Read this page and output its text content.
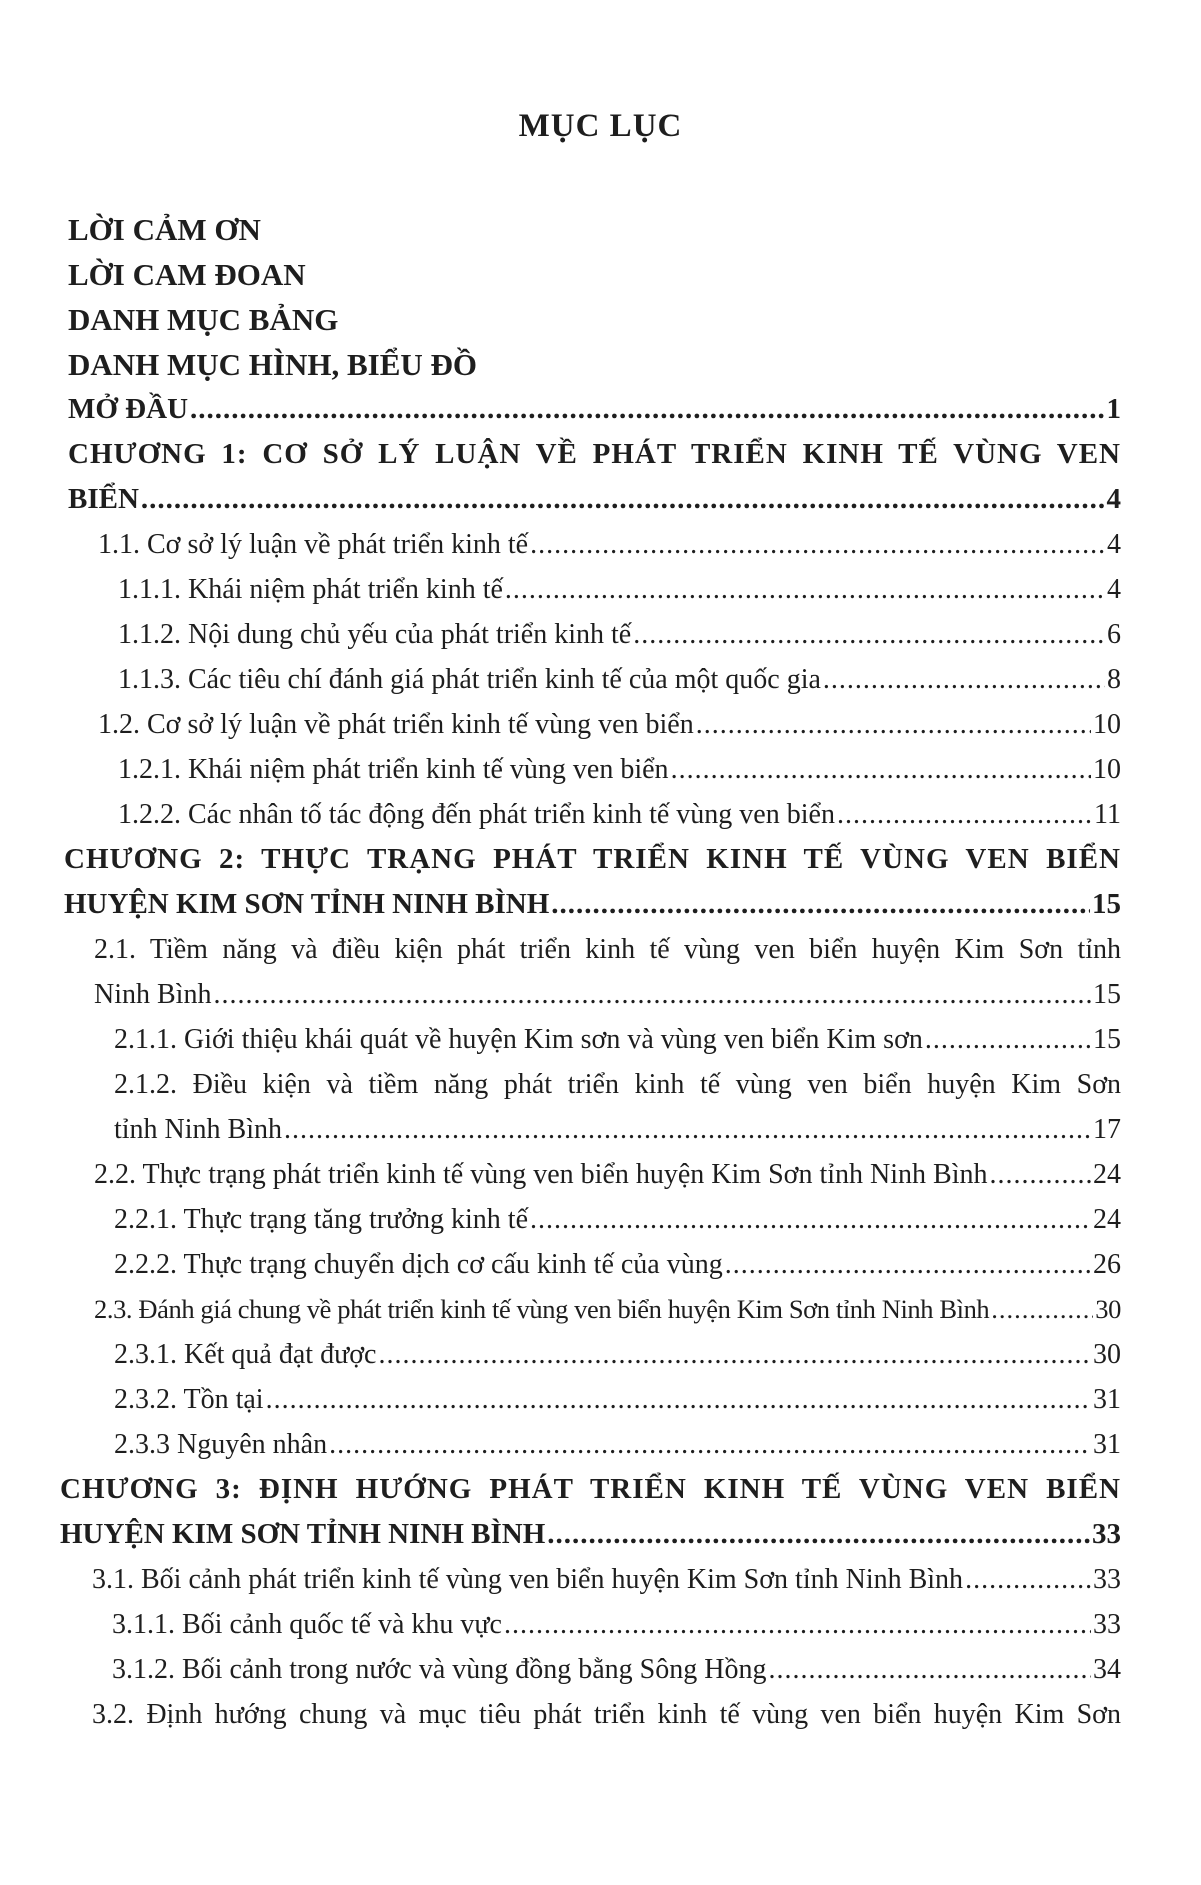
MỤC LỤC
LỜI CẢM ƠN
LỜI CAM ĐOAN
DANH MỤC BẢNG
DANH MỤC HÌNH, BIỂU ĐỒ
MỞ ĐẦU .....	1
CHƯƠNG 1: CƠ SỞ LÝ LUẬN VỀ PHÁT TRIỂN KINH TẾ VÙNG VEN
BIỂN .....	4
1.1. Cơ sở lý luận về phát triển kinh tế .....	4
1.1.1. Khái niệm phát triển kinh tế .....	4
1.1.2. Nội dung chủ yếu của phát triển kinh tế .....	6
1.1.3. Các tiêu chí đánh giá phát triển kinh tế của một quốc gia .....	8
1.2. Cơ sở lý luận về phát triển kinh tế vùng ven biển .....	10
1.2.1. Khái niệm phát triển kinh tế vùng ven biển .....	10
1.2.2. Các nhân tố tác động đến phát triển kinh tế vùng ven biển .....	11
CHƯƠNG 2: THỰC TRẠNG PHÁT TRIỂN KINH TẾ VÙNG VEN BIỂN
HUYỆN KIM SƠN TỈNH NINH BÌNH .....	15
2.1. Tiềm năng và điều kiện phát triển kinh tế vùng ven biển huyện Kim Sơn tỉnh
Ninh Bình .....	15
2.1.1. Giới thiệu khái quát về huyện Kim sơn và vùng ven biển Kim sơn .....	15
2.1.2. Điều kiện và tiềm năng phát triển kinh tế vùng ven biển huyện Kim Sơn
tỉnh Ninh Bình .....	17
2.2. Thực trạng phát triển kinh tế vùng ven biển huyện Kim Sơn tỉnh Ninh Bình .....	24
2.2.1. Thực trạng tăng trưởng kinh tế .....	24
2.2.2. Thực trạng chuyển dịch cơ cấu kinh tế của vùng .....	26
2.3. Đánh giá chung về phát triển kinh tế vùng ven biển huyện Kim Sơn tỉnh Ninh Bình .....	30
2.3.1. Kết quả đạt được .....	30
2.3.2. Tồn tại .....	31
2.3.3 Nguyên nhân .....	31
CHƯƠNG 3: ĐỊNH HƯỚNG PHÁT TRIỂN KINH TẾ VÙNG VEN BIỂN
HUYỆN KIM SƠN TỈNH NINH BÌNH .....	33
3.1. Bối cảnh phát triển kinh tế vùng ven biển huyện Kim Sơn tỉnh Ninh Bình .....	33
3.1.1. Bối cảnh quốc tế và khu vực .....	33
3.1.2. Bối cảnh trong nước và vùng đồng bằng Sông Hồng .....	34
3.2. Định hướng chung và mục tiêu phát triển kinh tế vùng ven biển huyện Kim Sơn
